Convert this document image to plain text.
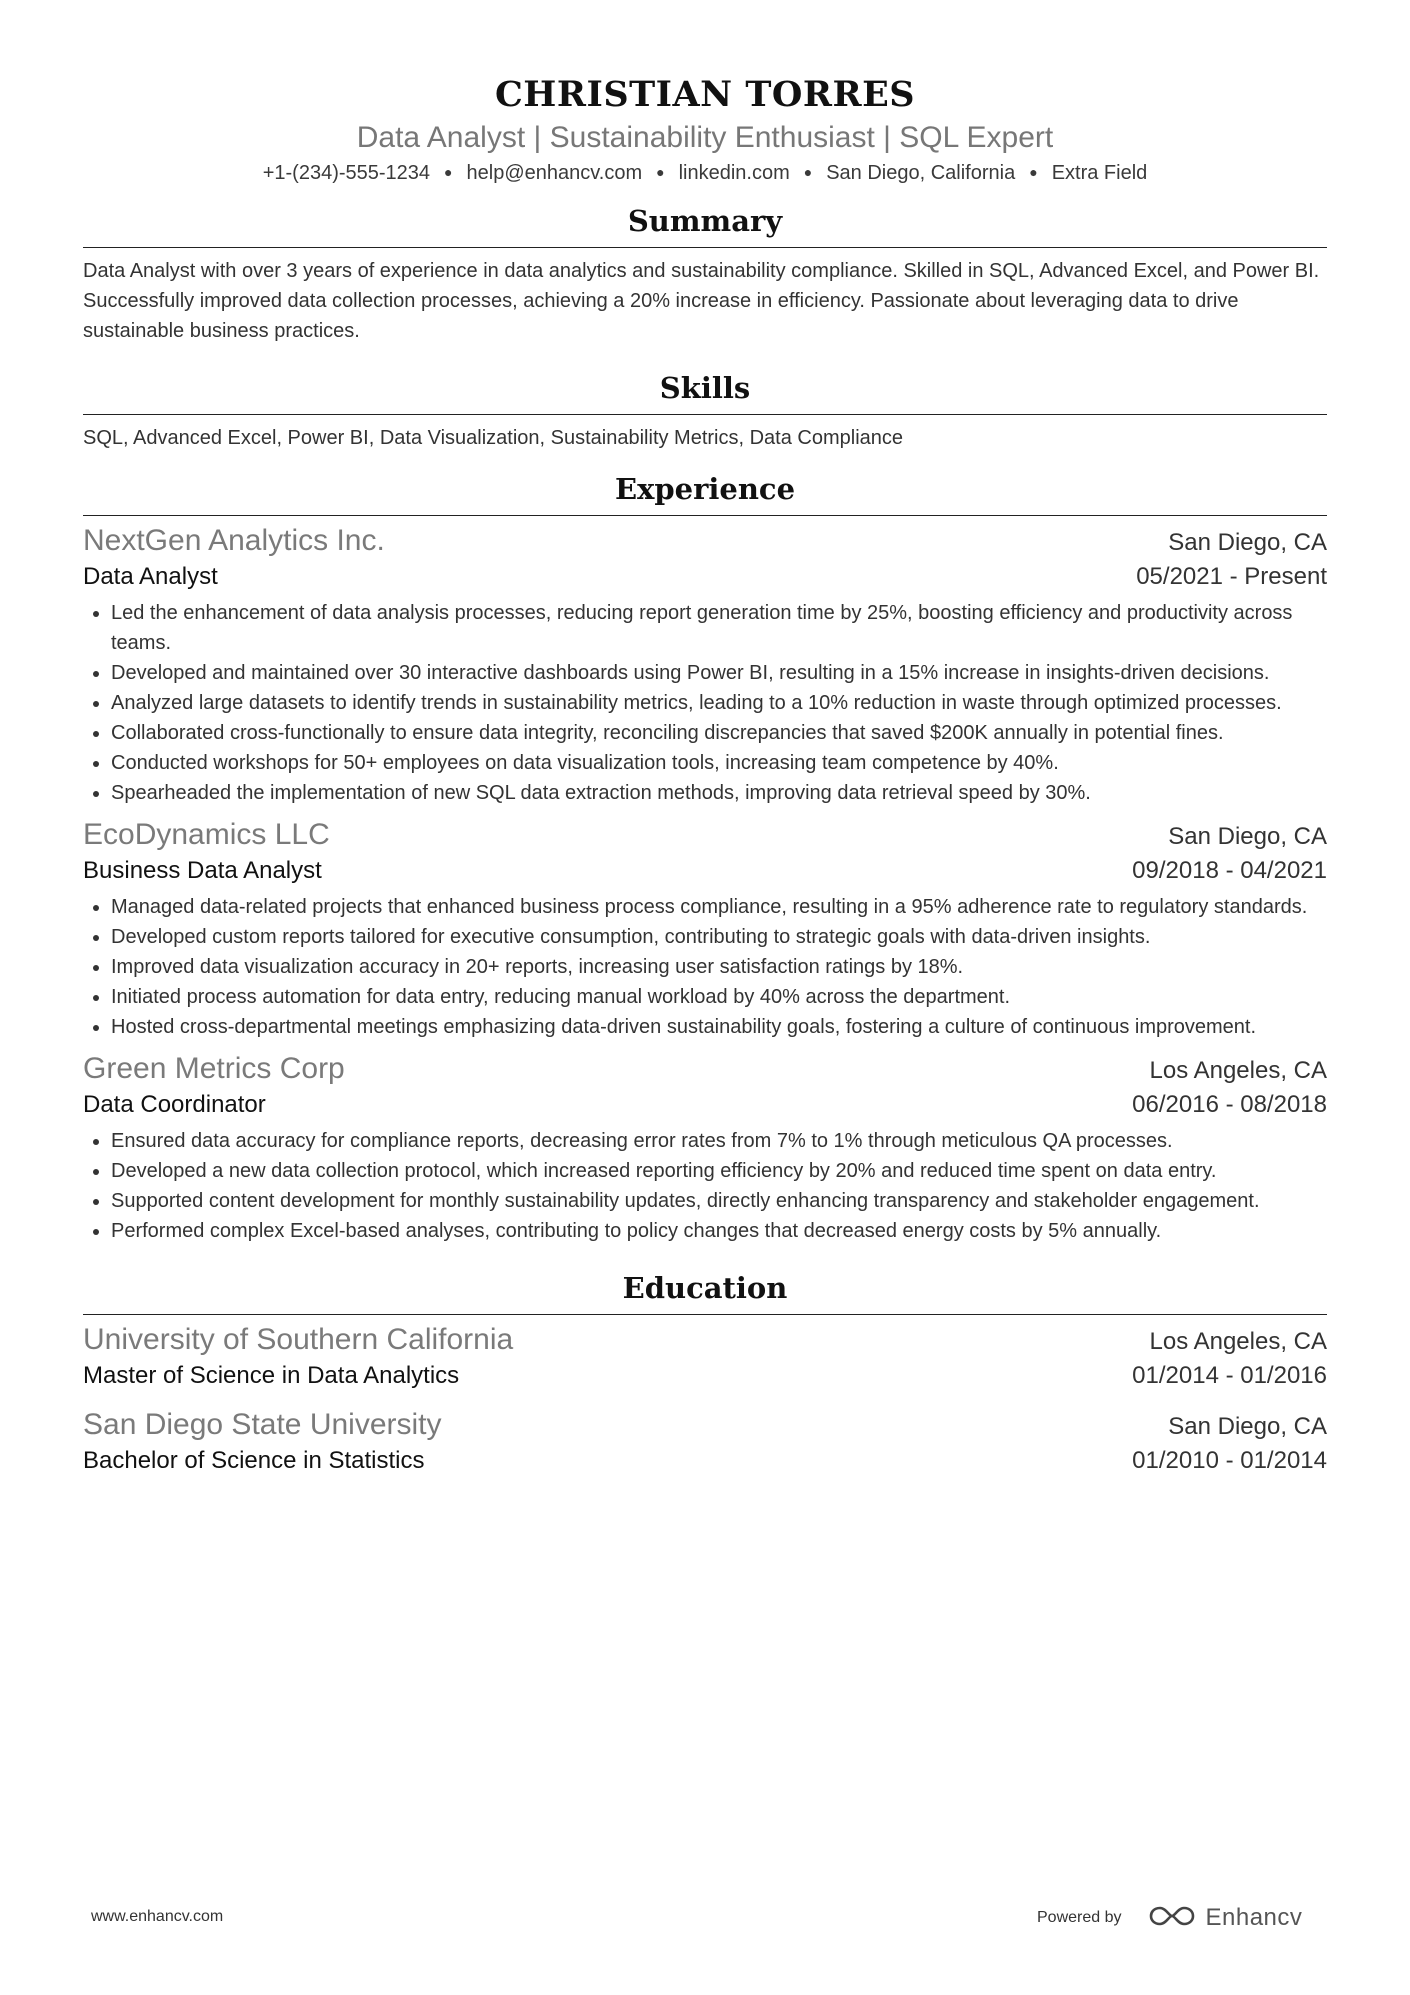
CHRISTIAN TORRES
Data Analyst | Sustainability Enthusiast | SQL Expert
+1-(234)-555-1234 ● help@enhancv.com ● linkedin.com ● San Diego, California ● Extra Field
Summary
Data Analyst with over 3 years of experience in data analytics and sustainability compliance. Skilled in SQL, Advanced Excel, and Power BI. Successfully improved data collection processes, achieving a 20% increase in efficiency. Passionate about leveraging data to drive sustainable business practices.
Skills
SQL, Advanced Excel, Power BI, Data Visualization, Sustainability Metrics, Data Compliance
Experience
NextGen Analytics Inc.	San Diego, CA
Data Analyst	05/2021 - Present
Led the enhancement of data analysis processes, reducing report generation time by 25%, boosting efficiency and productivity across teams.
Developed and maintained over 30 interactive dashboards using Power BI, resulting in a 15% increase in insights-driven decisions.
Analyzed large datasets to identify trends in sustainability metrics, leading to a 10% reduction in waste through optimized processes.
Collaborated cross-functionally to ensure data integrity, reconciling discrepancies that saved $200K annually in potential fines.
Conducted workshops for 50+ employees on data visualization tools, increasing team competence by 40%.
Spearheaded the implementation of new SQL data extraction methods, improving data retrieval speed by 30%.
EcoDynamics LLC	San Diego, CA
Business Data Analyst	09/2018 - 04/2021
Managed data-related projects that enhanced business process compliance, resulting in a 95% adherence rate to regulatory standards.
Developed custom reports tailored for executive consumption, contributing to strategic goals with data-driven insights.
Improved data visualization accuracy in 20+ reports, increasing user satisfaction ratings by 18%.
Initiated process automation for data entry, reducing manual workload by 40% across the department.
Hosted cross-departmental meetings emphasizing data-driven sustainability goals, fostering a culture of continuous improvement.
Green Metrics Corp	Los Angeles, CA
Data Coordinator	06/2016 - 08/2018
Ensured data accuracy for compliance reports, decreasing error rates from 7% to 1% through meticulous QA processes.
Developed a new data collection protocol, which increased reporting efficiency by 20% and reduced time spent on data entry.
Supported content development for monthly sustainability updates, directly enhancing transparency and stakeholder engagement.
Performed complex Excel-based analyses, contributing to policy changes that decreased energy costs by 5% annually.
Education
University of Southern California	Los Angeles, CA
Master of Science in Data Analytics	01/2014 - 01/2016
San Diego State University	San Diego, CA
Bachelor of Science in Statistics	01/2010 - 01/2014
www.enhancv.com	Powered by	Enhancv
